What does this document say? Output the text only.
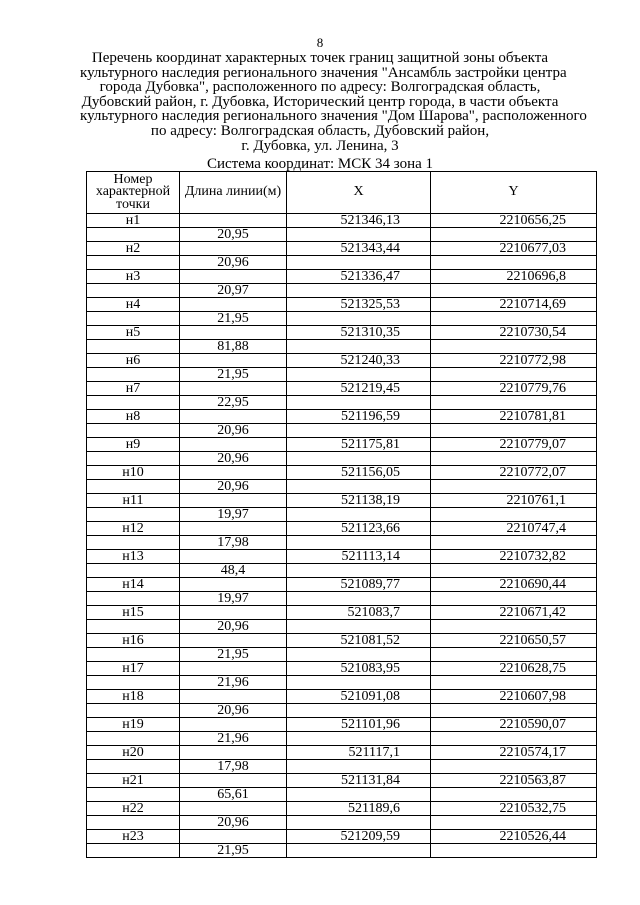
8
Перечень координат характерных точек границ защитной зоны объекта
культурного наследия регионального значения "Ансамбль застройки центра
города Дубовка", расположенного по адресу: Волгоградская область,
Дубовский район, г. Дубовка, Исторический центр города, в части объекта
культурного наследия регионального значения "Дом Шарова", расположенного
по адресу: Волгоградская область, Дубовский район,
г. Дубовка, ул. Ленина, 3
Система координат: МСК 34 зона 1
Номер характерной точки	Длина линии(м)	X	Y
н1		521346,13	2210656,25
	20,95		
н2		521343,44	2210677,03
	20,96		
н3		521336,47	2210696,8
	20,97		
н4		521325,53	2210714,69
	21,95		
н5		521310,35	2210730,54
	81,88		
н6		521240,33	2210772,98
	21,95		
н7		521219,45	2210779,76
	22,95		
н8		521196,59	2210781,81
	20,96		
н9		521175,81	2210779,07
	20,96		
н10		521156,05	2210772,07
	20,96		
н11		521138,19	2210761,1
	19,97		
н12		521123,66	2210747,4
	17,98		
н13		521113,14	2210732,82
	48,4		
н14		521089,77	2210690,44
	19,97		
н15		521083,7	2210671,42
	20,96		
н16		521081,52	2210650,57
	21,95		
н17		521083,95	2210628,75
	21,96		
н18		521091,08	2210607,98
	20,96		
н19		521101,96	2210590,07
	21,96		
н20		521117,1	2210574,17
	17,98		
н21		521131,84	2210563,87
	65,61		
н22		521189,6	2210532,75
	20,96		
н23		521209,59	2210526,44
	21,95		
